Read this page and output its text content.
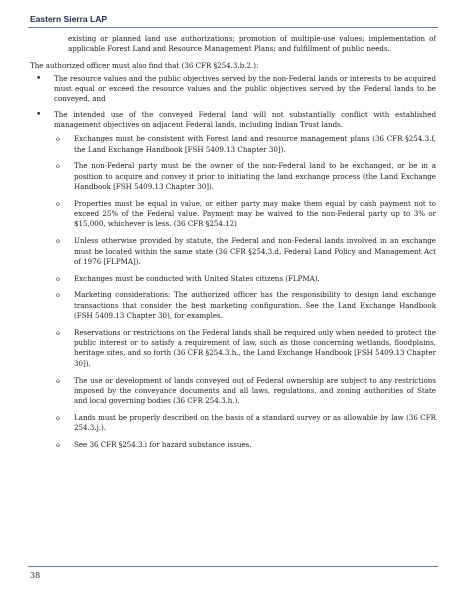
Eastern Sierra LAP

existing or planned land use authorizations; promotion of multiple-use values; implementation of applicable Forest Land and Resource Management Plans; and fulfillment of public needs.

The authorized officer must also find that (36 CFR §254.3.b.2.):

• The resource values and the public objectives served by the non-Federal lands or interests to be acquired must equal or exceed the resource values and the public objectives served by the Federal lands to be conveyed, and
• The intended use of the conveyed Federal land will not substantially conflict with established management objectives on adjacent Federal lands, including Indian Trust lands.
o Exchanges must be consistent with Forest land and resource management plans (36 CFR §254.3.f, the Land Exchange Handbook [FSH 5409.13 Chapter 30]).
o The non-Federal party must be the owner of the non-Federal land to be exchanged, or be in a position to acquire and convey it prior to initiating the land exchange process (the Land Exchange Handbook [FSH 5409.13 Chapter 30]).
o Properties must be equal in value, or either party may make them equal by cash payment not to exceed 25% of the Federal value. Payment may be waived to the non-Federal party up to 3% or $15,000, whichever is less. (36 CFR §254.12)
o Unless otherwise provided by statute, the Federal and non-Federal lands involved in an exchange must be located within the same state (36 CFR §254.3.d, Federal Land Policy and Management Act of 1976 [FLPMA]).
o Exchanges must be conducted with United States citizens (FLPMA).
o Marketing considerations: The authorized officer has the responsibility to design land exchange transactions that consider the best marketing configuration. See the Land Exchange Handbook (FSH 5409.13 Chapter 30), for examples.
o Reservations or restrictions on the Federal lands shall be required only when needed to protect the public interest or to satisfy a requirement of law, such as those concerning wetlands, floodplains, heritage sites, and so forth (36 CFR §254.3.h., the Land Exchange Handbook [FSH 5409.13 Chapter 30]).
o The use or development of lands conveyed out of Federal ownership are subject to any restrictions imposed by the conveyance documents and all laws, regulations, and zoning authorities of State and local governing bodies (36 CFR 254.3.h.).
o Lands must be properly described on the basis of a standard survey or as allowable by law (36 CFR 254.3.j.).
o See 36 CFR §254.3.i for hazard substance issues.
38
